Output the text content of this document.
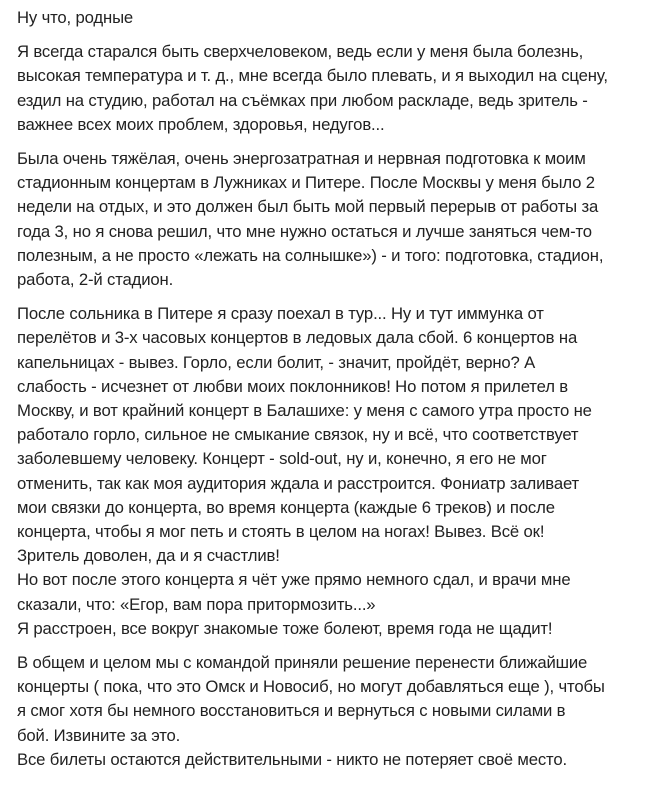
Ну что, родные
Я всегда старался быть сверхчеловеком, ведь если у меня была болезнь,
высокая температура и т. д., мне всегда было плевать, и я выходил на сцену,
ездил на студию, работал на съёмках при любом раскладе, ведь зритель -
важнее всех моих проблем, здоровья, недугов...
Была очень тяжёлая, очень энергозатратная и нервная подготовка к моим
стадионным концертам в Лужниках и Питере. После Москвы у меня было 2
недели на отдых, и это должен был быть мой первый перерыв от работы за
года 3, но я снова решил, что мне нужно остаться и лучше заняться чем-то
полезным, а не просто «лежать на солнышке») - и того: подготовка, стадион,
работа, 2-й стадион.
После сольника в Питере я сразу поехал в тур... Ну и тут иммунка от
перелётов и 3-х часовых концертов в ледовых дала сбой. 6 концертов на
капельницах - вывез. Горло, если болит, - значит, пройдёт, верно? А
слабость - исчезнет от любви моих поклонников! Но потом я прилетел в
Москву, и вот крайний концерт в Балашихе: у меня с самого утра просто не
работало горло, сильное не смыкание связок, ну и всё, что соответствует
заболевшему человеку. Концерт - sold-out, ну и, конечно, я его не мог
отменить, так как моя аудитория ждала и расстроится. Фониатр заливает
мои связки до концерта, во время концерта (каждые 6 треков) и после
концерта, чтобы я мог петь и стоять в целом на ногах! Вывез. Всё ок!
Зритель доволен, да и я счастлив!
Но вот после этого концерта я чёт уже прямо немного сдал, и врачи мне
сказали, что: «Егор, вам пора притормозить...»
Я расстроен, все вокруг знакомые тоже болеют, время года не щадит!
В общем и целом мы с командой приняли решение перенести ближайшие
концерты ( пока, что это Омск и Новосиб, но могут добавляться еще ), чтобы
я смог хотя бы немного восстановиться и вернуться с новыми силами в
бой. Извините за это.
Все билеты остаются действительными - никто не потеряет своё место.
